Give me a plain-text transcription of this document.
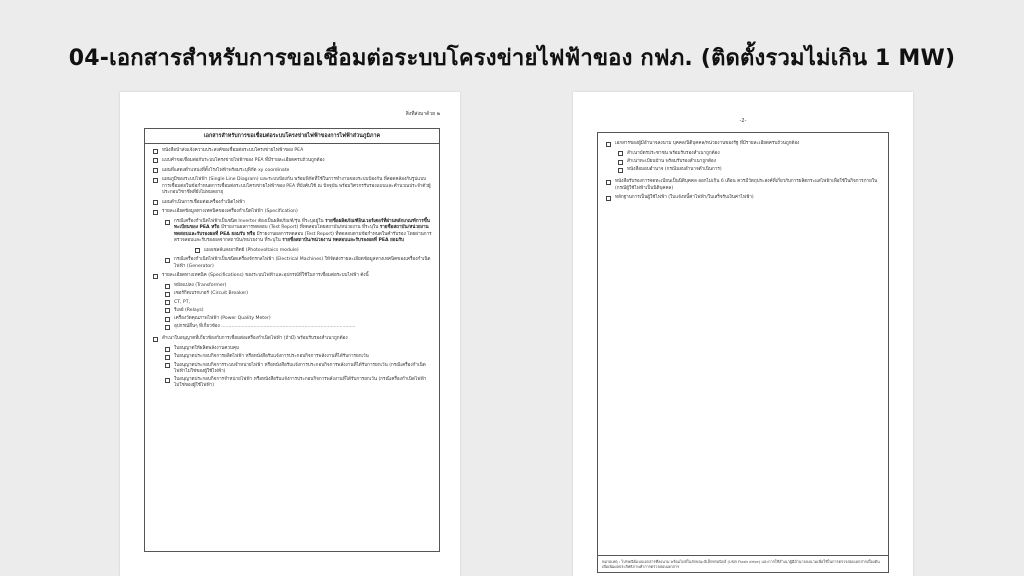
04-เอกสารสำหรับการขอเชื่อมต่อระบบโครงข่ายไฟฟ้าของ กฟภ. (ติดตั้งรวมไม่เกิน 1 MW)
สิ่งที่ส่งมาด้วย ๒
เอกสารสำหรับการขอเชื่อมต่อระบบโครงข่ายไฟฟ้าของการไฟฟ้าส่วนภูมิภาค
หนังสือนำส่งแจ้งความประสงค์ขอเชื่อมต่อระบบโครงข่ายไฟฟ้าของ PEA
แบบคำขอเชื่อมต่อกับระบบโครงข่ายไฟฟ้าของ PEA ที่มีรายละเอียดครบถ้วนถูกต้อง
แผนที่แสดงตำแหน่งที่ตั้งโรงไฟฟ้าพร้อมระบุพิกัด xy coordinate
แผนภูมิของระบบไฟฟ้า (Single Line Diagram) และระบบป้องกัน พร้อมพิกัดที่ใช้ในการทำงานของระบบป้องกัน ที่สอดคล้องกับรูปแบบการเชื่อมต่อในข้อกำหนดการเชื่อมต่อระบบโครงข่ายไฟฟ้าของ PEA ที่บังคับใช้ ณ ปัจจุบัน พร้อมวิศวกรรับรองแบบและคำนวณประจำตัวผู้ประกอบวิชาชีพที่ยังไม่หมดอายุ
แผนดำเนินการเชื่อมต่อเครื่องกำเนิดไฟฟ้า
รายละเอียดข้อมูลทางเทคนิคของเครื่องกำเนิดไฟฟ้า (Specification)
กรณีเครื่องกำเนิดไฟฟ้าเป็นชนิด Inverter ต้องเป็นผลิตภัณฑ์/รุ่น ที่ระบุอยู่ใน รายชื่อผลิตภัณฑ์อินเวอร์เตอร์ที่ผ่านหลักเกณฑ์การขึ้นทะเบียนของ PEA หรือ มีรายงานผลการทดสอบ (Test Report) ที่ทดสอบโดยสถาบัน/หน่วยงาน ที่ระบุใน รายชื่อสถาบัน/หน่วยงาน ทดสอบและรับรองผลที่ PEA ยอมรับ หรือ มีรายงานผลการทดสอบ (Test Report) ที่ทดสอบตามข้อกำหนดในคำรับรอง โดยผ่านการตรวจสอบและรับรองผลจากสถาบัน/หน่วยงาน ที่ระบุใน รายชื่อสถาบัน/หน่วยงาน ทดสอบและรับรองผลที่ PEA ยอมรับ
แผงเซลล์แสงอาทิตย์ (Photovoltaics module)
กรณีเครื่องกำเนิดไฟฟ้าเป็นชนิดเครื่องจักรกลไฟฟ้า (Electrical Machines) ให้จัดส่งรายละเอียดข้อมูลทางเทคนิคของเครื่องกำเนิดไฟฟ้า (Generator)
รายละเอียดทางเทคนิค (Specifications) ของระบบไฟฟ้าและอุปกรณ์ที่ใช้ในการเชื่อมต่อระบบไฟฟ้า ดังนี้
หม้อแปลง (Transformer)
เซอร์กิตเบรกเกอร์ (Circuit Breaker)
CT, PT,
รีเลย์ (Relays)
เครื่องวัดคุณภาพไฟฟ้า (Power Quality Meter)
อุปกรณ์อื่นๆ ที่เกี่ยวข้อง ............................................................................................
สำเนาใบอนุญาตที่เกี่ยวข้องกับการเชื่อมต่อเครื่องกำเนิดไฟฟ้า (ถ้ามี) พร้อมรับรองสำเนาถูกต้อง
ใบอนุญาตให้ผลิตพลังงานควบคุม
ใบอนุญาตประกอบกิจการผลิตไฟฟ้า หรือหนังสือรับแจ้งการประกอบกิจการพลังงานที่ได้รับการยกเว้น
ใบอนุญาตประกอบกิจการระบบจำหน่ายไฟฟ้า หรือหนังสือรับแจ้งการประกอบกิจการพลังงานที่ได้รับการยกเว้น (กรณีเครื่องกำเนิดไฟฟ้าไม่ใช่ของผู้ใช้ไฟฟ้า)
ใบอนุญาตประกอบกิจการจำหน่ายไฟฟ้า หรือหนังสือรับแจ้งการประกอบกิจการพลังงานที่ได้รับการยกเว้น (กรณีเครื่องกำเนิดไฟฟ้าไม่ใช่ของผู้ใช้ไฟฟ้า)
-2-
เอกสารของผู้มีอำนาจลงนาม บุคคล/นิติบุคคล/หน่วยงานของรัฐ ที่มีรายละเอียดครบถ้วนถูกต้อง
สำเนาบัตรประชาชน พร้อมรับรองสำเนาถูกต้อง
สำเนาทะเบียนบ้าน พร้อมรับรองสำเนาถูกต้อง
หนังสือมอบอำนาจ (กรณีมอบอำนาจดำเนินการ)
หนังสือรับรองการจดทะเบียนเป็นนิติบุคคล ออกไม่เกิน 6 เดือน ควรมีวัตถุประสงค์ที่เกี่ยวกับการผลิตกระแสไฟฟ้าเพื่อใช้ในกิจการภายใน (กรณีผู้ใช้ไฟฟ้าเป็นนิติบุคคล)
หลักฐานการเป็นผู้ใช้ไฟฟ้า (ใบแจ้งหนี้ค่าไฟฟ้า/ใบเสร็จรับเงินค่าไฟฟ้า)
หมายเหตุ : ไปรษณีย์แบบเอกสารที่ลงนาม พร้อมไฟล์ในลักษณะอิเล็กทรอนิกส์ (USB Flash drive) และการใช้สำเนาผู้มีอำนาจลงนามเพื่อใช้ในการตรวจสอบเอกสารเบื้องต้น เพื่อเพิ่มผลประสิทธิภาพทำการตรวจสอบเอกสาร
